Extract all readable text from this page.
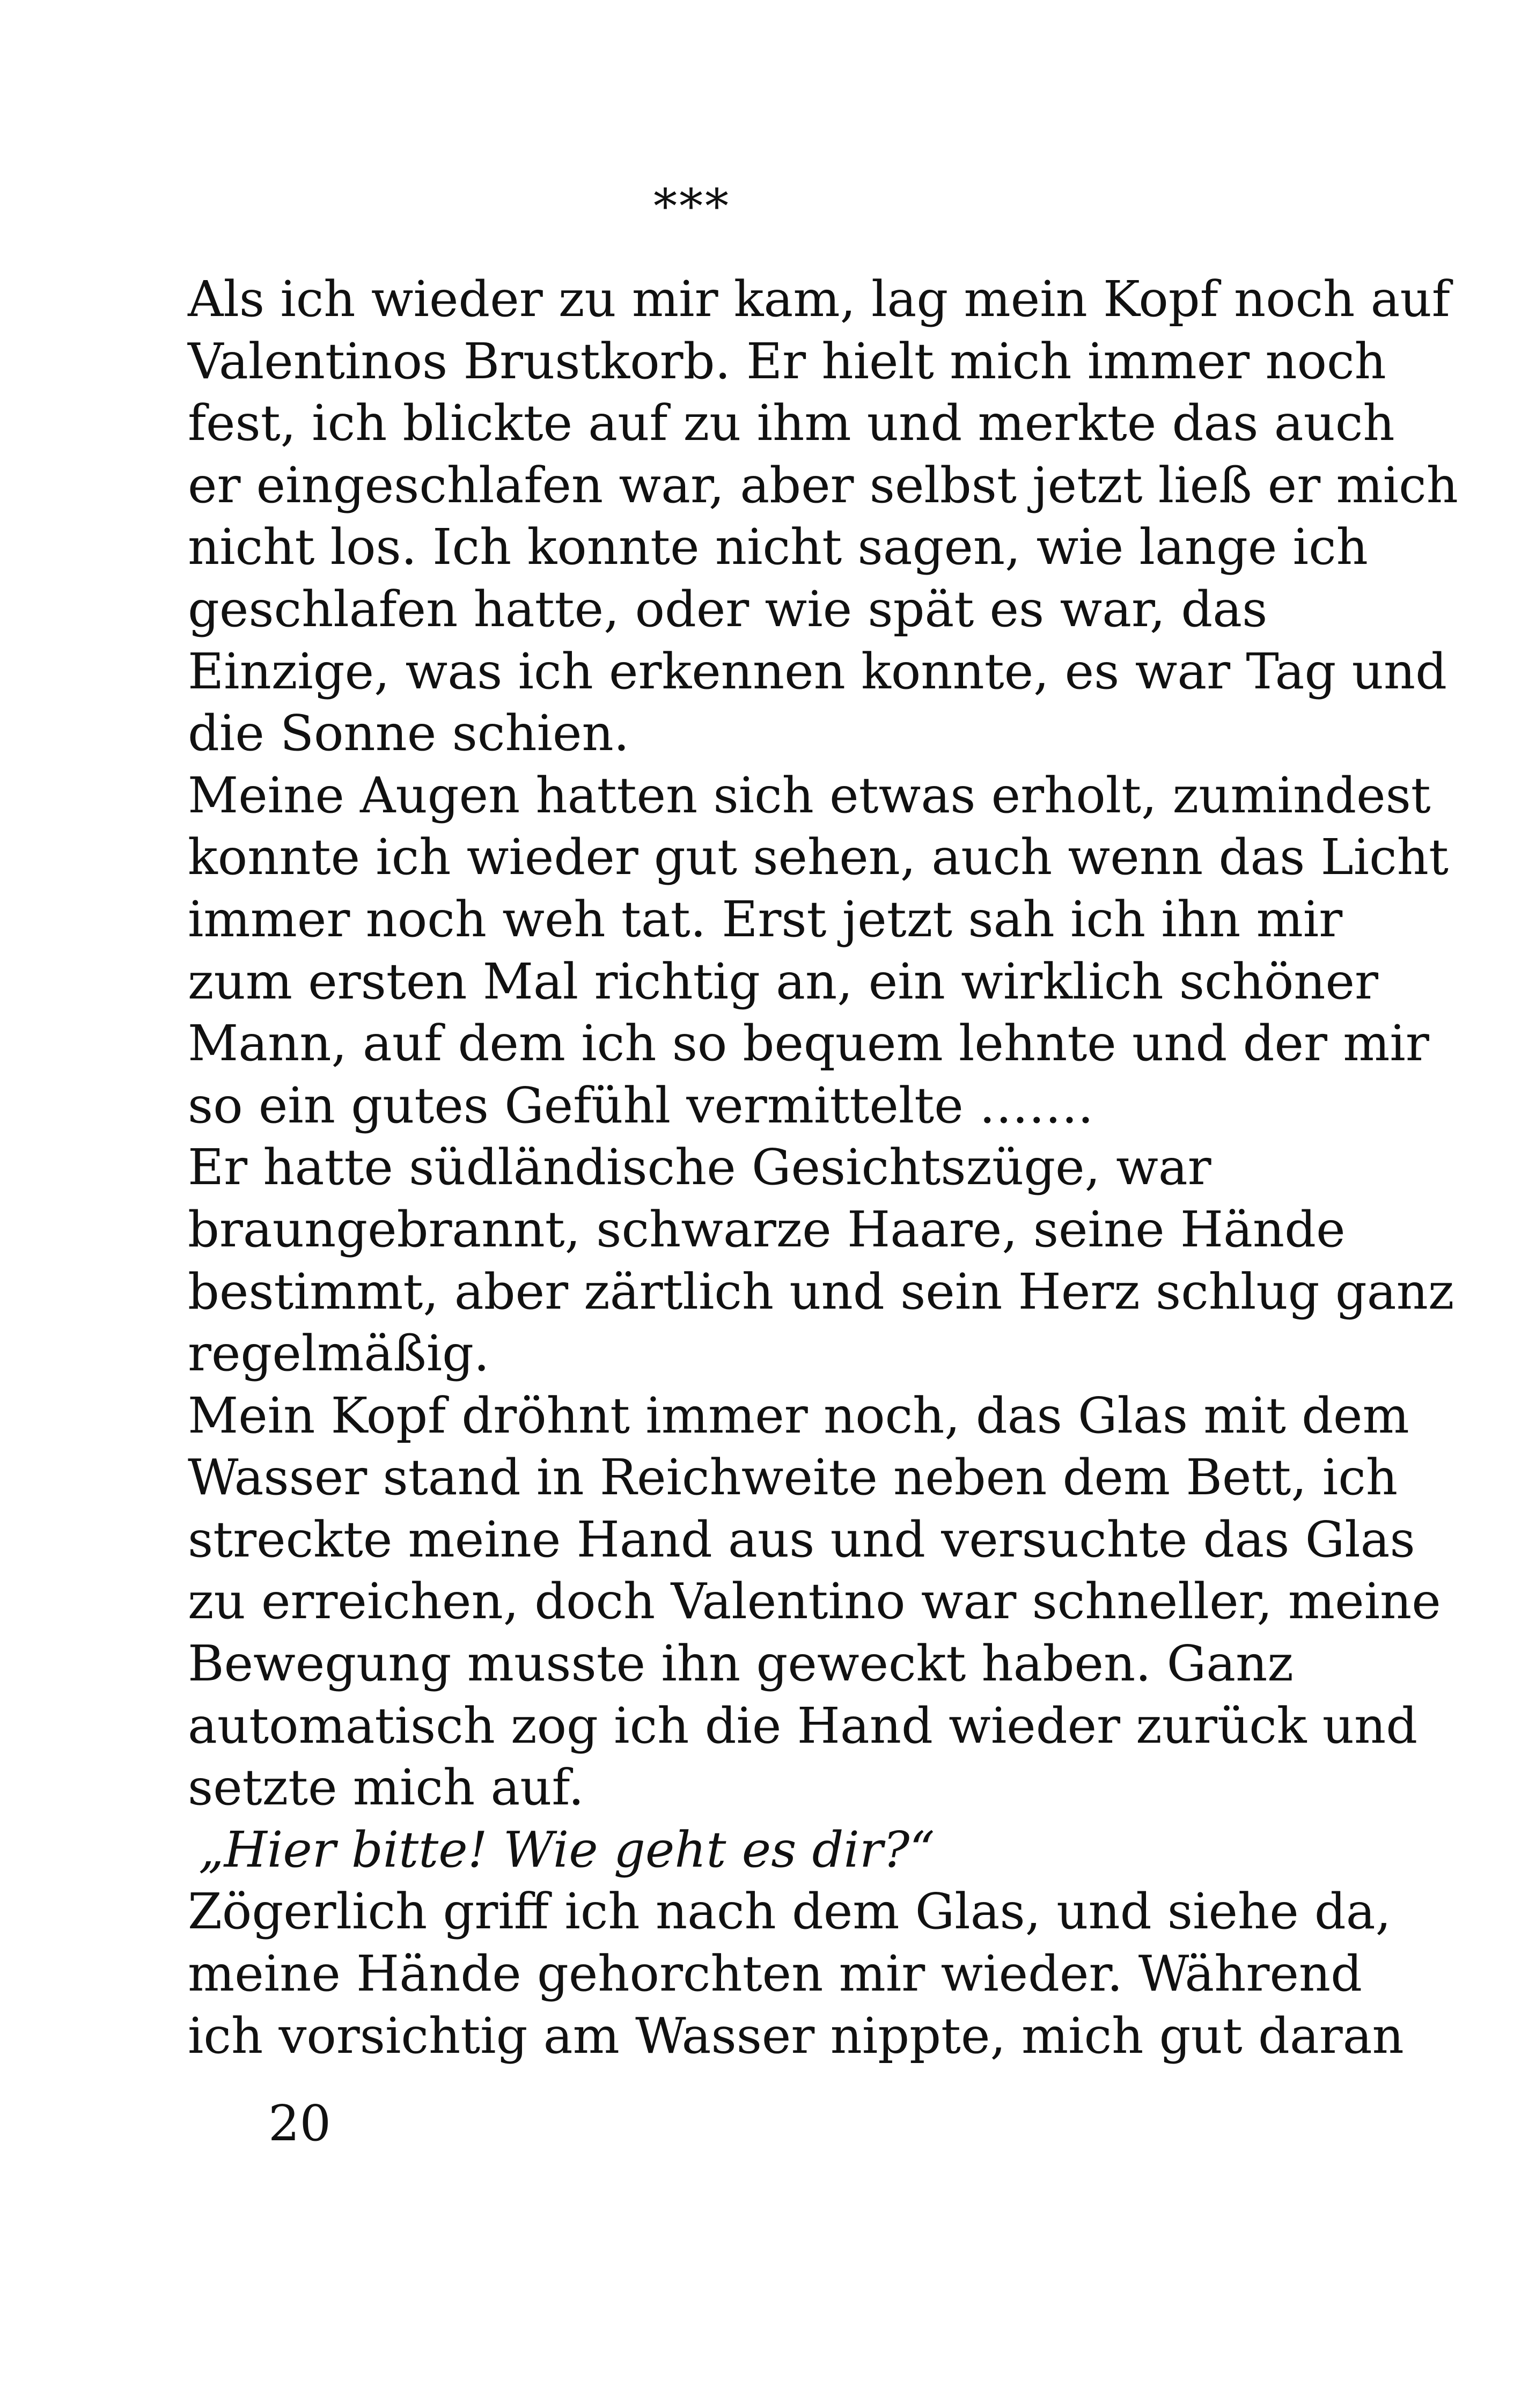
***
Als ich wieder zu mir kam, lag mein Kopf noch auf
Valentinos Brustkorb. Er hielt mich immer noch
fest, ich blickte auf zu ihm und merkte das auch
er eingeschlafen war, aber selbst jetzt ließ er mich
nicht los. Ich konnte nicht sagen, wie lange ich
geschlafen hatte, oder wie spät es war, das
Einzige, was ich erkennen konnte, es war Tag und
die Sonne schien.
Meine Augen hatten sich etwas erholt, zumindest
konnte ich wieder gut sehen, auch wenn das Licht
immer noch weh tat. Erst jetzt sah ich ihn mir
zum ersten Mal richtig an, ein wirklich schöner
Mann, auf dem ich so bequem lehnte und der mir
so ein gutes Gefühl vermittelte …….
Er hatte südländische Gesichtszüge, war
braungebrannt, schwarze Haare, seine Hände
bestimmt, aber zärtlich und sein Herz schlug ganz
regelmäßig.
Mein Kopf dröhnt immer noch, das Glas mit dem
Wasser stand in Reichweite neben dem Bett, ich
streckte meine Hand aus und versuchte das Glas
zu erreichen, doch Valentino war schneller, meine
Bewegung musste ihn geweckt haben. Ganz
automatisch zog ich die Hand wieder zurück und
setzte mich auf.
„Hier bitte! Wie geht es dir?“
Zögerlich griff ich nach dem Glas, und siehe da,
meine Hände gehorchten mir wieder. Während
ich vorsichtig am Wasser nippte, mich gut daran
20
